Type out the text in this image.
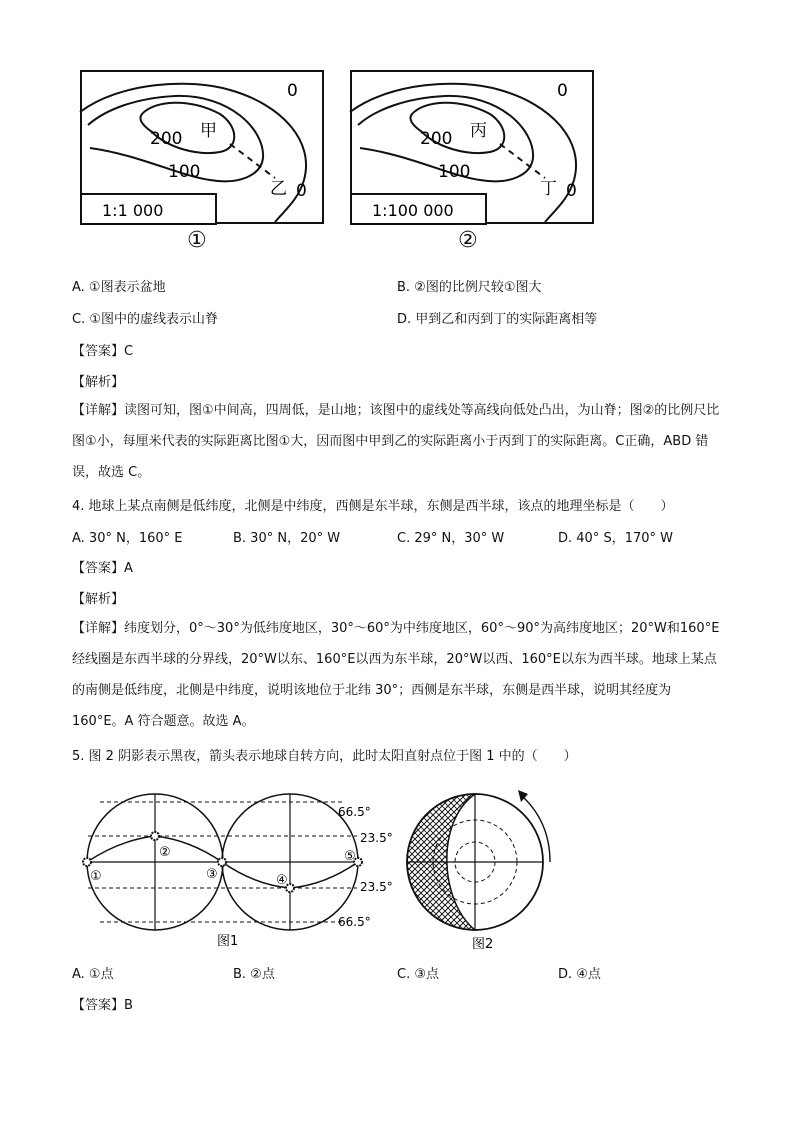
0
200 甲
100
乙 0
1:1 000
①
0
200 丙
100
丁 0
1:100 000
②
A. ①图表示盆地	B. ②图的比例尺较①图大
C. ①图中的虚线表示山脊	D. 甲到乙和丙到丁的实际距离相等
【答案】C
【解析】
【详解】读图可知，图①中间高，四周低，是山地；该图中的虚线处等高线向低处凸出，为山脊；图②的比例尺比图①小，每厘米代表的实际距离比图①大，因而图中甲到乙的实际距离小于丙到丁的实际距离。C正确，ABD 错误，故选 C。
4. 地球上某点南侧是低纬度，北侧是中纬度，西侧是东半球，东侧是西半球，该点的地理坐标是（　　）
A. 30° N，160° E	B. 30° N，20° W	C. 29° N，30° W	D. 40° S，170° W
【答案】A
【解析】
【详解】纬度划分，0°～30°为低纬度地区，30°～60°为中纬度地区，60°～90°为高纬度地区；20°W和160°E经线圈是东西半球的分界线，20°W以东、160°E以西为东半球，20°W以西、160°E以东为西半球。地球上某点的南侧是低纬度，北侧是中纬度，说明该地位于北纬 30°；西侧是东半球，东侧是西半球，说明其经度为 160°E。A 符合题意。故选 A。
5. 图 2 阴影表示黑夜，箭头表示地球自转方向，此时太阳直射点位于图 1 中的（　　）
①
②
③	④
⑤
66.5°
23.5°
23.5°
66.5°
图1	图2
A. ①点	B. ②点	C. ③点	D. ④点
【答案】B
